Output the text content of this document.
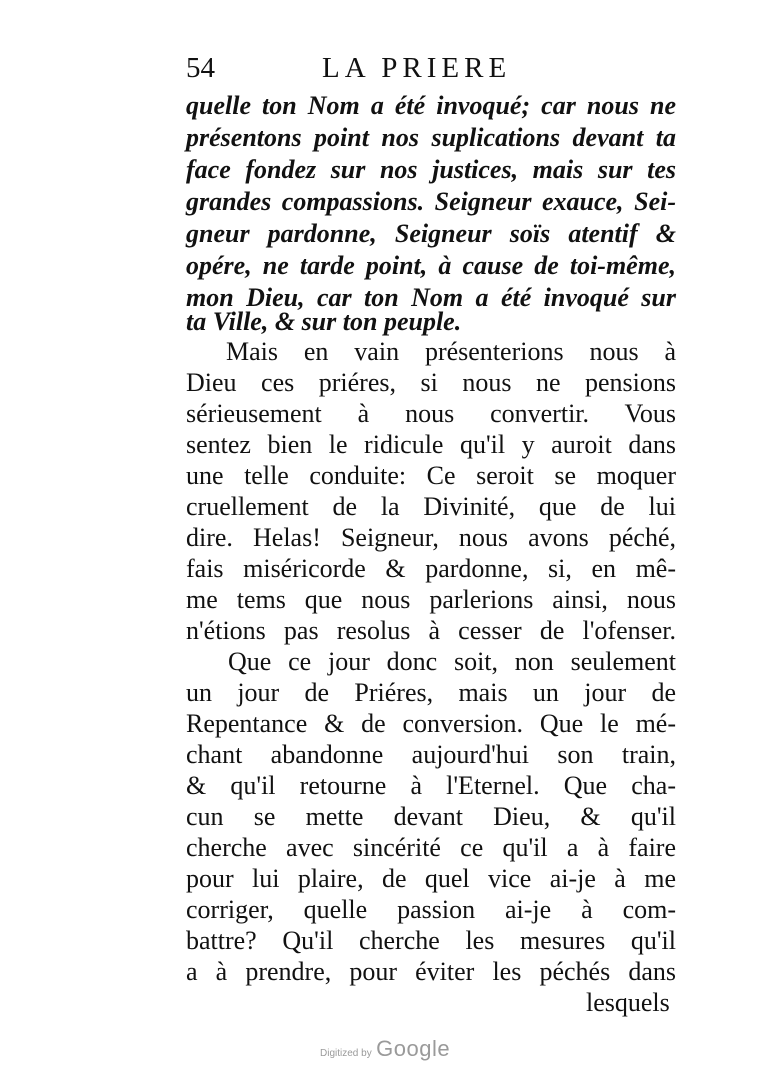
54	LA PRIERE
quelle ton Nom a été invoqué; car nous ne
présentons point nos suplications devant ta
face fondez sur nos justices, mais sur tes
grandes compassions. Seigneur exauce, Sei-
gneur pardonne, Seigneur soïs atentif &
opére, ne tarde point, à cause de toi-même,
mon Dieu, car ton Nom a été invoqué sur
ta Ville, & sur ton peuple.
Mais en vain présenterions nous à
Dieu ces priéres, si nous ne pensions
sérieusement à nous convertir. Vous
sentez bien le ridicule qu'il y auroit dans
une telle conduite: Ce seroit se moquer
cruellement de la Divinité, que de lui
dire. Helas! Seigneur, nous avons péché,
fais miséricorde & pardonne, si, en mê-
me tems que nous parlerions ainsi, nous
n'étions pas resolus à cesser de l'ofenser.
Que ce jour donc soit, non seulement
un jour de Priéres, mais un jour de
Repentance & de conversion. Que le mé-
chant abandonne aujourd'hui son train,
& qu'il retourne à l'Eternel. Que cha-
cun se mette devant Dieu, & qu'il
cherche avec sincérité ce qu'il a à faire
pour lui plaire, de quel vice ai-je à me
corriger, quelle passion ai-je à com-
battre? Qu'il cherche les mesures qu'il
a à prendre, pour éviter les péchés dans
lesquels
Digitized by Google
